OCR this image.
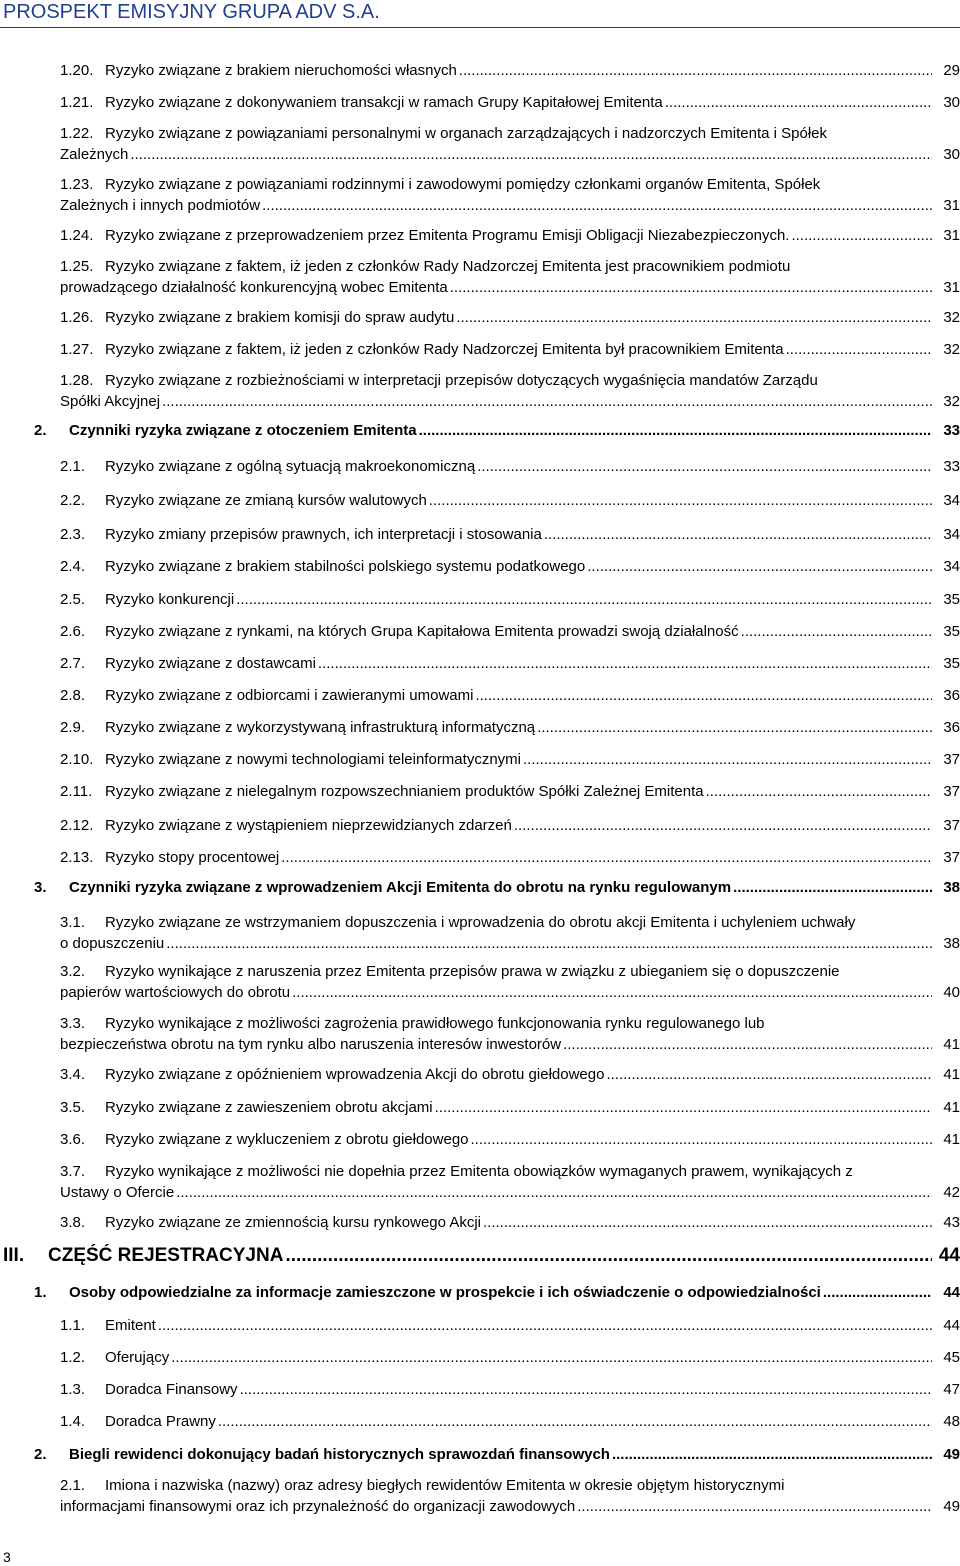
PROSPEKT EMISYJNY GRUPA ADV S.A.
1.20. Ryzyko związane z brakiem nieruchomości własnych .....	29
1.21. Ryzyko związane z dokonywaniem transakcji w ramach Grupy Kapitałowej Emitenta .....	30
1.22. Ryzyko związane z powiązaniami personalnymi w organach zarządzających i nadzorczych Emitenta i Spółek
Zależnych .....	30
1.23. Ryzyko związane z powiązaniami rodzinnymi i zawodowymi pomiędzy członkami organów Emitenta, Spółek
Zależnych i innych podmiotów .....	31
1.24. Ryzyko związane z przeprowadzeniem przez Emitenta Programu Emisji Obligacji Niezabezpieczonych. .....	31
1.25. Ryzyko związane z faktem, iż jeden z członków Rady Nadzorczej Emitenta jest pracownikiem podmiotu
prowadzącego działalność konkurencyjną wobec Emitenta .....	31
1.26. Ryzyko związane z brakiem komisji do spraw audytu .....	32
1.27. Ryzyko związane z faktem, iż jeden z członków Rady Nadzorczej Emitenta był pracownikiem Emitenta .....	32
1.28. Ryzyko związane z rozbieżnościami w interpretacji przepisów dotyczących wygaśnięcia mandatów Zarządu
Spółki Akcyjnej .....	32
2. Czynniki ryzyka związane z otoczeniem Emitenta .....	33
2.1. Ryzyko związane z ogólną sytuacją makroekonomiczną .....	33
2.2. Ryzyko związane ze zmianą kursów walutowych .....	34
2.3. Ryzyko zmiany przepisów prawnych, ich interpretacji i stosowania .....	34
2.4. Ryzyko związane z brakiem stabilności polskiego systemu podatkowego .....	34
2.5. Ryzyko konkurencji .....	35
2.6. Ryzyko związane z rynkami, na których Grupa Kapitałowa Emitenta prowadzi swoją działalność .....	35
2.7. Ryzyko związane z dostawcami .....	35
2.8. Ryzyko związane z odbiorcami i zawieranymi umowami .....	36
2.9. Ryzyko związane z wykorzystywaną infrastrukturą informatyczną .....	36
2.10. Ryzyko związane z nowymi technologiami teleinformatycznymi .....	37
2.11. Ryzyko związane z nielegalnym rozpowszechnianiem produktów Spółki Zależnej Emitenta .....	37
2.12. Ryzyko związane z wystąpieniem nieprzewidzianych zdarzeń .....	37
2.13. Ryzyko stopy procentowej .....	37
3. Czynniki ryzyka związane z wprowadzeniem Akcji Emitenta do obrotu na rynku regulowanym .....	38
3.1. Ryzyko związane ze wstrzymaniem dopuszczenia i wprowadzenia do obrotu akcji Emitenta i uchyleniem uchwały
o dopuszczeniu .....	38
3.2. Ryzyko wynikające z naruszenia przez Emitenta przepisów prawa w związku z ubieganiem się o dopuszczenie
papierów wartościowych do obrotu .....	40
3.3. Ryzyko wynikające z możliwości zagrożenia prawidłowego funkcjonowania rynku regulowanego lub
bezpieczeństwa obrotu na tym rynku albo naruszenia interesów inwestorów .....	41
3.4. Ryzyko związane z opóźnieniem wprowadzenia Akcji do obrotu giełdowego .....	41
3.5. Ryzyko związane z zawieszeniem obrotu akcjami .....	41
3.6. Ryzyko związane z wykluczeniem z obrotu giełdowego .....	41
3.7. Ryzyko wynikające z możliwości nie dopełnia przez Emitenta obowiązków wymaganych prawem, wynikających z
Ustawy o Ofercie .....	42
3.8. Ryzyko związane ze zmiennością kursu rynkowego Akcji .....	43
III. CZĘŚĆ REJESTRACYJNA .....	44
1. Osoby odpowiedzialne za informacje zamieszczone w prospekcie i ich oświadczenie o odpowiedzialności .....	44
1.1. Emitent .....	44
1.2. Oferujący .....	45
1.3. Doradca Finansowy .....	47
1.4. Doradca Prawny .....	48
2. Biegli rewidenci dokonujący badań historycznych sprawozdań finansowych .....	49
2.1. Imiona i nazwiska (nazwy) oraz adresy biegłych rewidentów Emitenta w okresie objętym historycznymi
informacjami finansowymi oraz ich przynależność do organizacji zawodowych .....	49
3
